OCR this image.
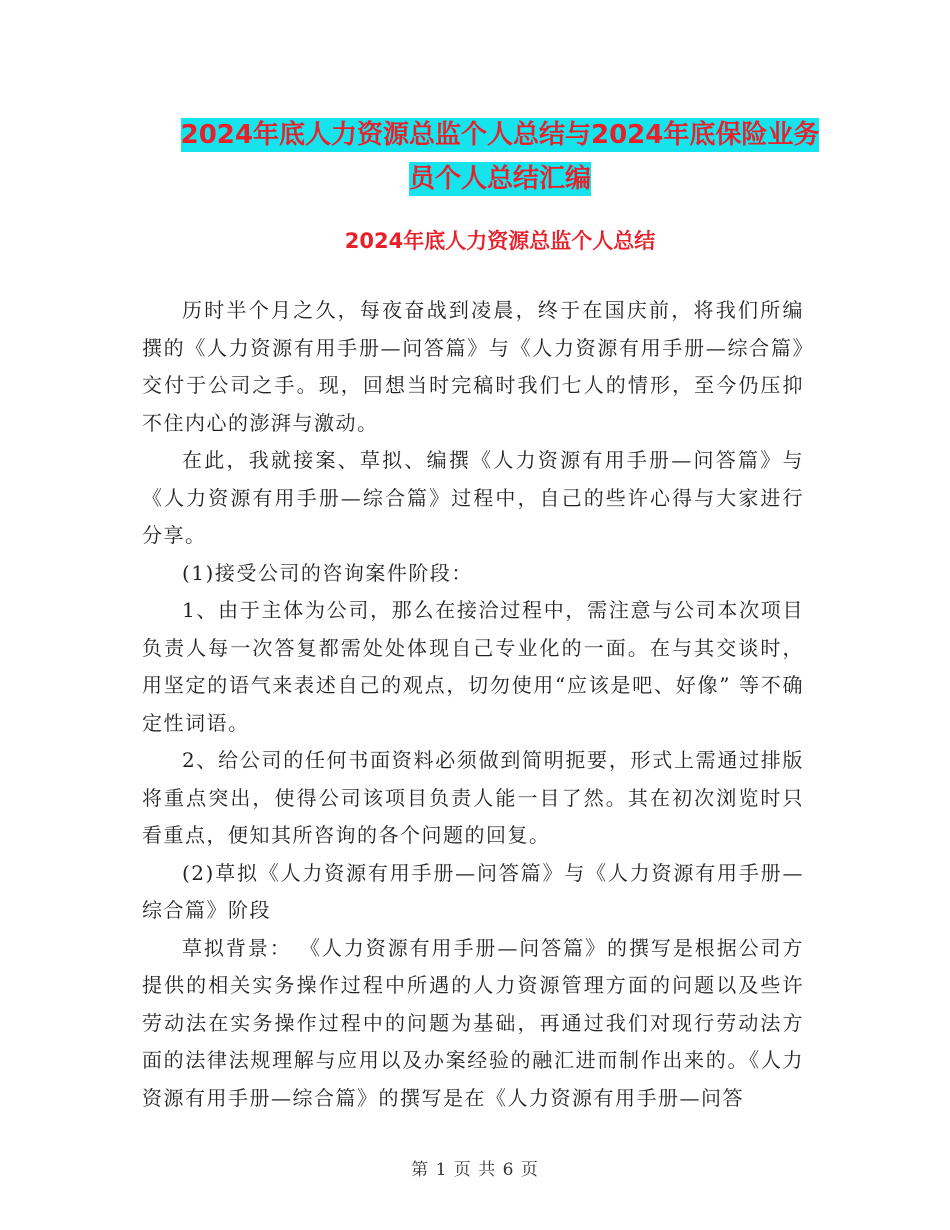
2024年底人力资源总监个人总结与2024年底保险业务
员个人总结汇编
2024年底人力资源总监个人总结

历时半个月之久，每夜奋战到凌晨，终于在国庆前，将我们所编撰的《人力资源有用手册—问答篇》与《人力资源有用手册—综合篇》交付于公司之手。现，回想当时完稿时我们七人的情形，至今仍压抑不住内心的澎湃与激动。

在此，我就接案、草拟、编撰《人力资源有用手册—问答篇》与《人力资源有用手册—综合篇》过程中，自己的些许心得与大家进行分享。

(1)接受公司的咨询案件阶段：

1、由于主体为公司，那么在接洽过程中，需注意与公司本次项目负责人每一次答复都需处处体现自己专业化的一面。在与其交谈时，用坚定的语气来表述自己的观点，切勿使用“应该是吧、好像” 等不确定性词语。

2、给公司的任何书面资料必须做到简明扼要，形式上需通过排版将重点突出，使得公司该项目负责人能一目了然。其在初次浏览时只看重点，便知其所咨询的各个问题的回复。

(2)草拟《人力资源有用手册—问答篇》与《人力资源有用手册—综合篇》阶段

草拟背景： 《人力资源有用手册—问答篇》的撰写是根据公司方提供的相关实务操作过程中所遇的人力资源管理方面的问题以及些许劳动法在实务操作过程中的问题为基础，再通过我们对现行劳动法方面的法律法规理解与应用以及办案经验的融汇进而制作出来的。《人力资源有用手册—综合篇》的撰写是在《人力资源有用手册—问答

第 1 页 共 6 页
